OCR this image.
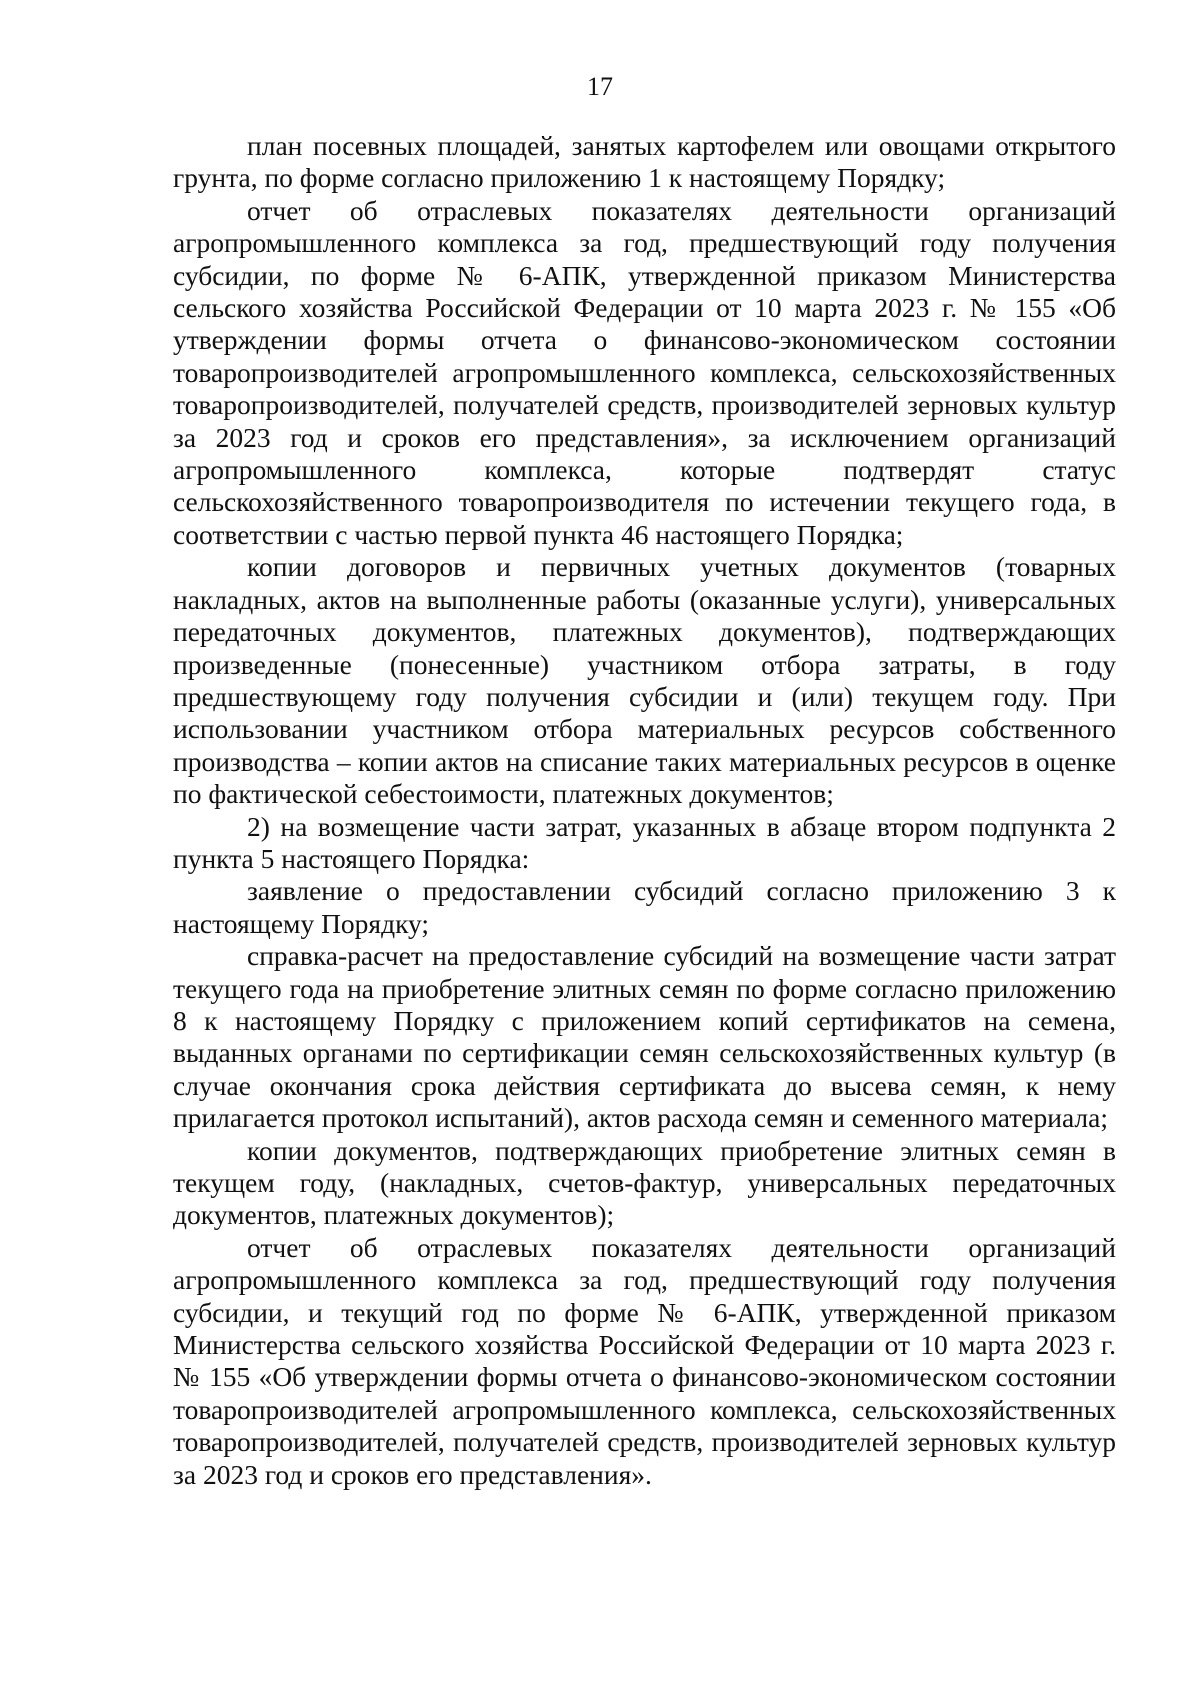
17

план посевных площадей, занятых картофелем или овощами открытого грунта, по форме согласно приложению 1 к настоящему Порядку;

отчет об отраслевых показателях деятельности организаций агропромышленного комплекса за год, предшествующий году получения субсидии, по форме № 6-АПК, утвержденной приказом Министерства сельского хозяйства Российской Федерации от 10 марта 2023 г. № 155 «Об утверждении формы отчета о финансово-экономическом состоянии товаропроизводителей агропромышленного комплекса, сельскохозяйственных товаропроизводителей, получателей средств, производителей зерновых культур за 2023 год и сроков его представления», за исключением организаций агропромышленного комплекса, которые подтвердят статус сельскохозяйственного товаропроизводителя по истечении текущего года, в соответствии с частью первой пункта 46 настоящего Порядка;

копии договоров и первичных учетных документов (товарных накладных, актов на выполненные работы (оказанные услуги), универсальных передаточных документов, платежных документов), подтверждающих произведенные (понесенные) участником отбора затраты, в году предшествующему году получения субсидии и (или) текущем году. При использовании участником отбора материальных ресурсов собственного производства – копии актов на списание таких материальных ресурсов в оценке по фактической себестоимости, платежных документов;

2) на возмещение части затрат, указанных в абзаце втором подпункта 2 пункта 5 настоящего Порядка:

заявление о предоставлении субсидий согласно приложению 3 к настоящему Порядку;

справка-расчет на предоставление субсидий на возмещение части затрат текущего года на приобретение элитных семян по форме согласно приложению 8 к настоящему Порядку с приложением копий сертификатов на семена, выданных органами по сертификации семян сельскохозяйственных культур (в случае окончания срока действия сертификата до высева семян, к нему прилагается протокол испытаний), актов расхода семян и семенного материала;

копии документов, подтверждающих приобретение элитных семян в текущем году, (накладных, счетов-фактур, универсальных передаточных документов, платежных документов);

отчет об отраслевых показателях деятельности организаций агропромышленного комплекса за год, предшествующий году получения субсидии, и текущий год по форме № 6-АПК, утвержденной приказом Министерства сельского хозяйства Российской Федерации от 10 марта 2023 г. № 155 «Об утверждении формы отчета о финансово-экономическом состоянии товаропроизводителей агропромышленного комплекса, сельскохозяйственных товаропроизводителей, получателей средств, производителей зерновых культур за 2023 год и сроков его представления».
